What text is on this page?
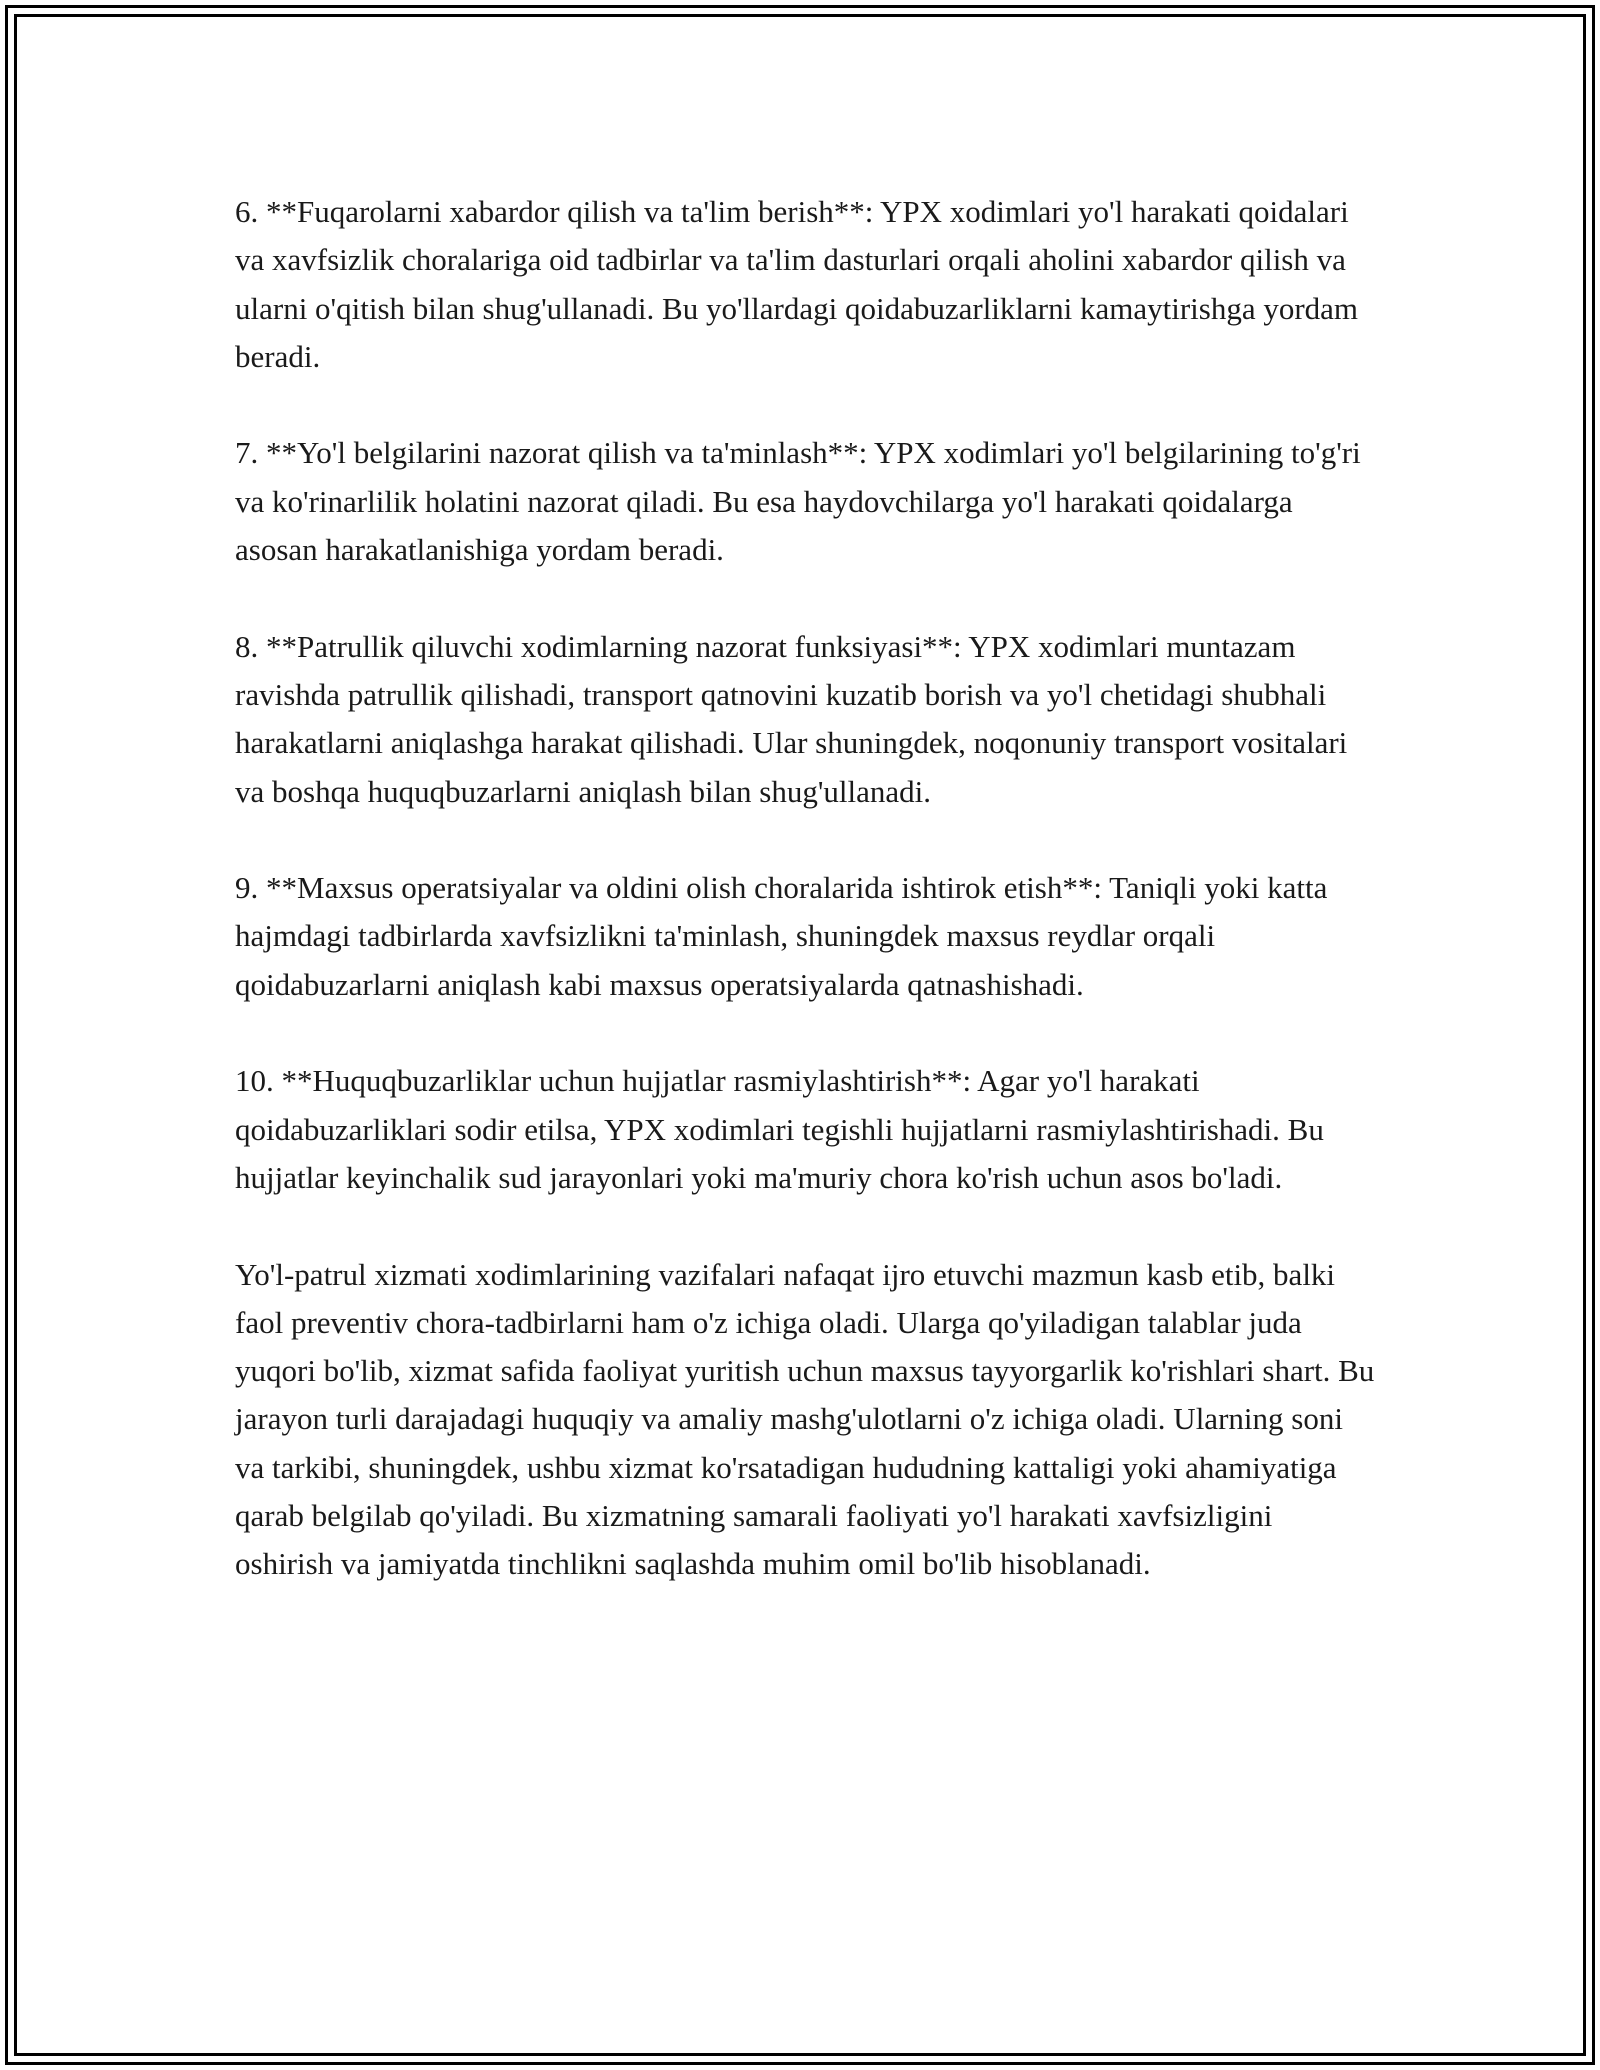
6. **Fuqarolarni xabardor qilish va ta'lim berish**: YPX xodimlari yo'l harakati qoidalari va xavfsizlik choralariga oid tadbirlar va ta'lim dasturlari orqali aholini xabardor qilish va ularni o'qitish bilan shug'ullanadi. Bu yo'llardagi qoidabuzarliklarni kamaytirishga yordam beradi.

7. **Yo'l belgilarini nazorat qilish va ta'minlash**: YPX xodimlari yo'l belgilarining to'g'ri va ko'rinarlilik holatini nazorat qiladi. Bu esa haydovchilarga yo'l harakati qoidalarga asosan harakatlanishiga yordam beradi.

8. **Patrullik qiluvchi xodimlarning nazorat funksiyasi**: YPX xodimlari muntazam ravishda patrullik qilishadi, transport qatnovini kuzatib borish va yo'l chetidagi shubhali harakatlarni aniqlashga harakat qilishadi. Ular shuningdek, noqonuniy transport vositalari va boshqa huquqbuzarlarni aniqlash bilan shug'ullanadi.

9. **Maxsus operatsiyalar va oldini olish choralarida ishtirok etish**: Taniqli yoki katta hajmdagi tadbirlarda xavfsizlikni ta'minlash, shuningdek maxsus reydlar orqali qoidabuzarlarni aniqlash kabi maxsus operatsiyalarda qatnashishadi.

10. **Huquqbuzarliklar uchun hujjatlar rasmiylashtirish**: Agar yo'l harakati qoidabuzarliklari sodir etilsa, YPX xodimlari tegishli hujjatlarni rasmiylashtirishadi. Bu hujjatlar keyinchalik sud jarayonlari yoki ma'muriy chora ko'rish uchun asos bo'ladi.

Yo'l-patrul xizmati xodimlarining vazifalari nafaqat ijro etuvchi mazmun kasb etib, balki faol preventiv chora-tadbirlarni ham o'z ichiga oladi. Ularga qo'yiladigan talablar juda yuqori bo'lib, xizmat safida faoliyat yuritish uchun maxsus tayyorgarlik ko'rishlari shart. Bu jarayon turli darajadagi huquqiy va amaliy mashg'ulotlarni o'z ichiga oladi. Ularning soni va tarkibi, shuningdek, ushbu xizmat ko'rsatadigan hududning kattaligi yoki ahamiyatiga qarab belgilab qo'yiladi. Bu xizmatning samarali faoliyati yo'l harakati xavfsizligini oshirish va jamiyatda tinchlikni saqlashda muhim omil bo'lib hisoblanadi.
